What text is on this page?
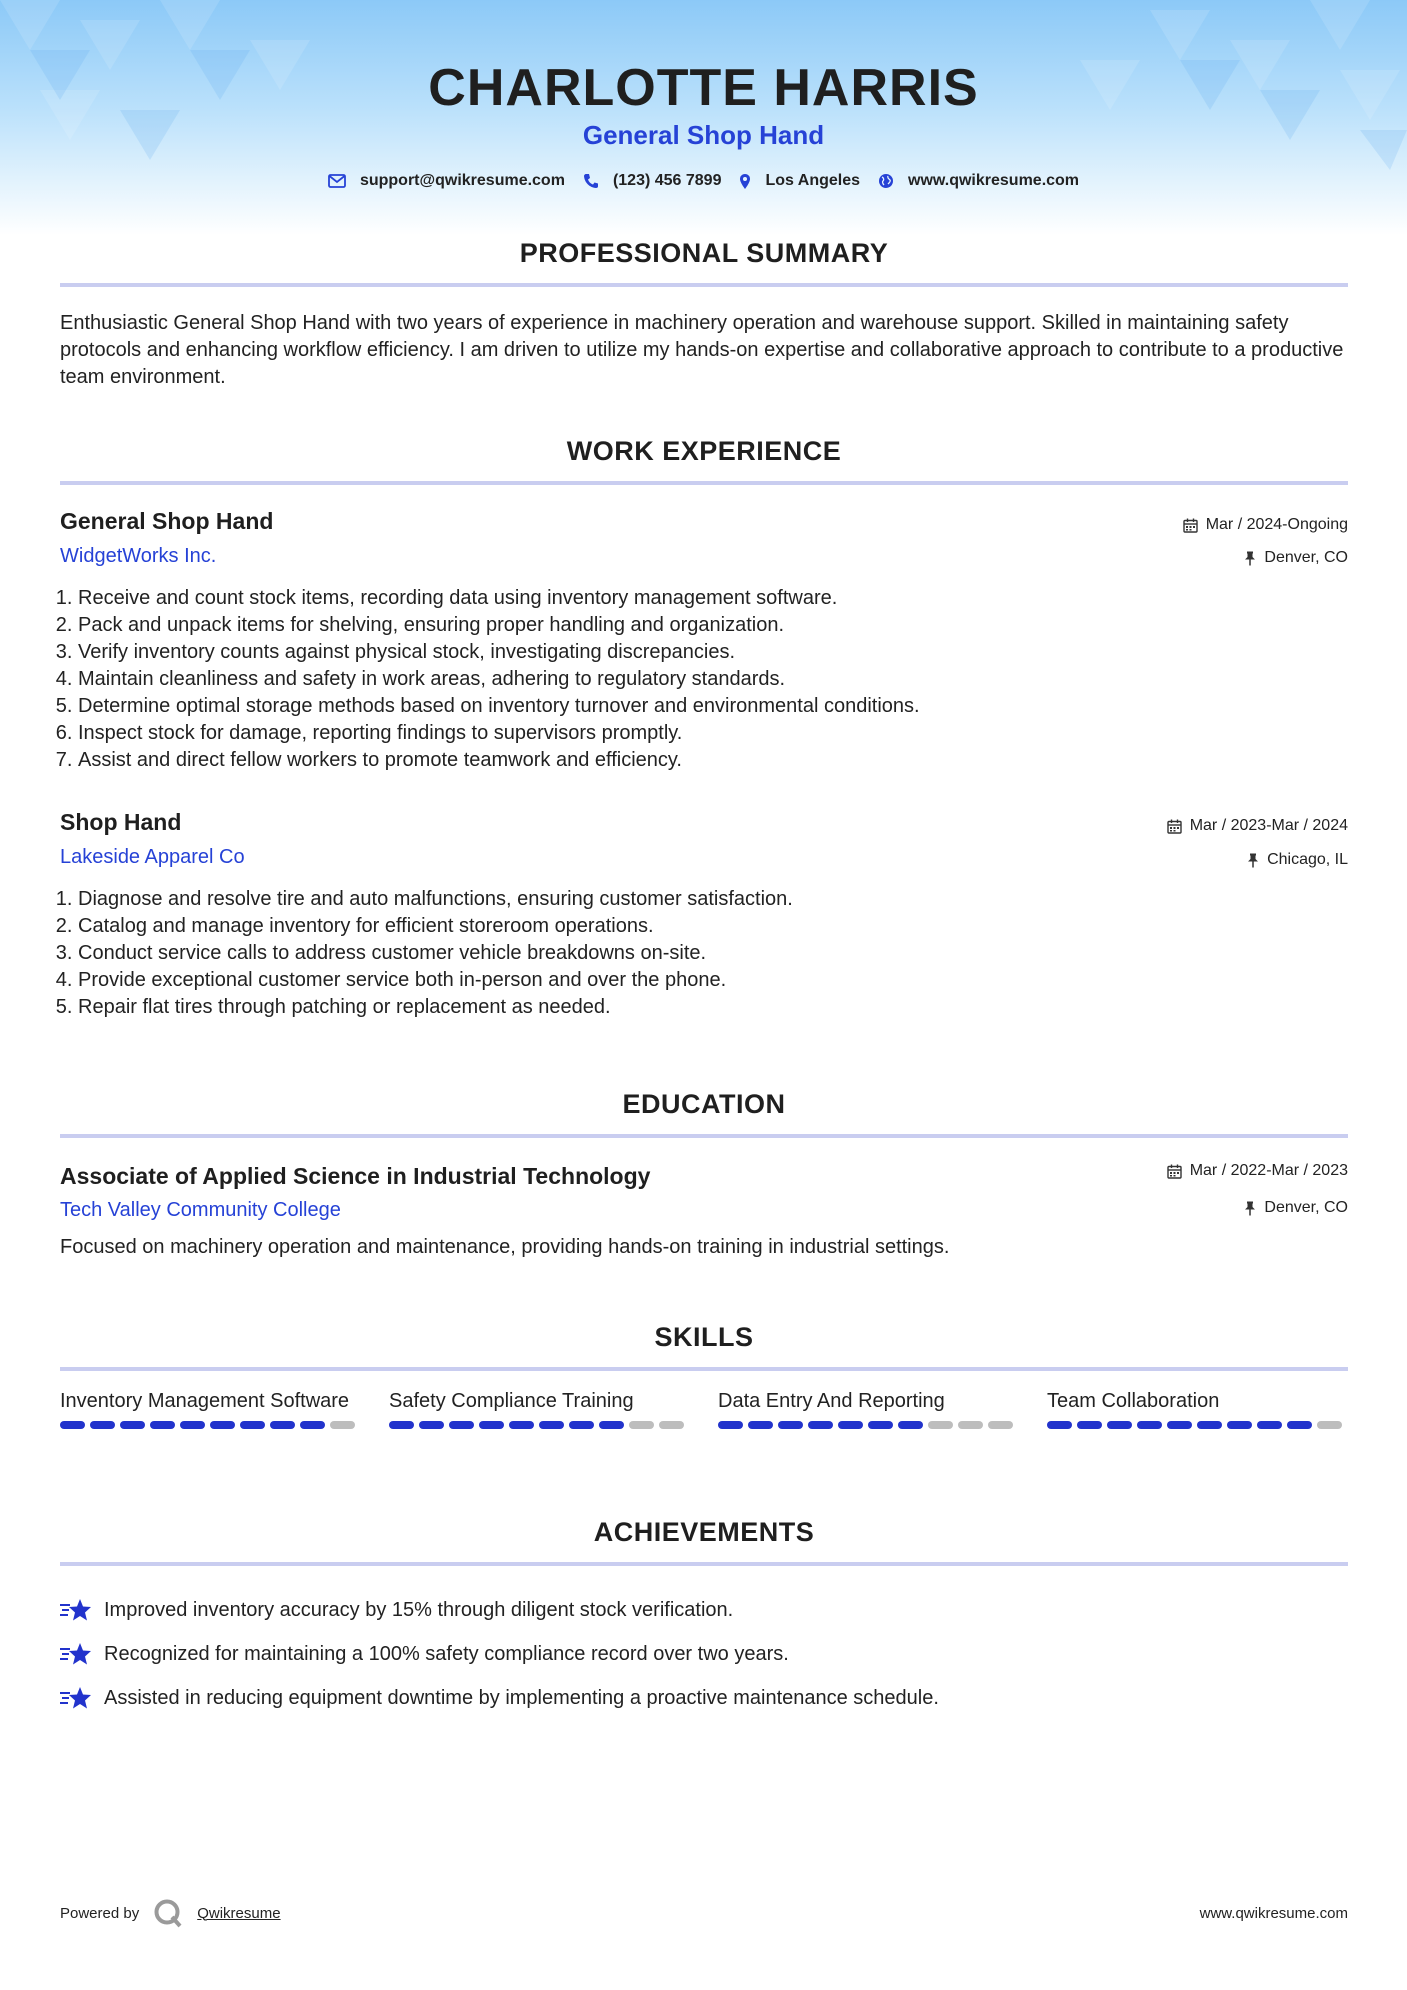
CHARLOTTE HARRIS
General Shop Hand
support@qwikresume.com	(123) 456 7899	Los Angeles	www.qwikresume.com
PROFESSIONAL SUMMARY
Enthusiastic General Shop Hand with two years of experience in machinery operation and warehouse support. Skilled in maintaining safety protocols and enhancing workflow efficiency. I am driven to utilize my hands-on expertise and collaborative approach to contribute to a productive team environment.
WORK EXPERIENCE
General Shop Hand	Mar / 2024-Ongoing
WidgetWorks Inc.	Denver, CO
1. Receive and count stock items, recording data using inventory management software.
2. Pack and unpack items for shelving, ensuring proper handling and organization.
3. Verify inventory counts against physical stock, investigating discrepancies.
4. Maintain cleanliness and safety in work areas, adhering to regulatory standards.
5. Determine optimal storage methods based on inventory turnover and environmental conditions.
6. Inspect stock for damage, reporting findings to supervisors promptly.
7. Assist and direct fellow workers to promote teamwork and efficiency.
Shop Hand	Mar / 2023-Mar / 2024
Lakeside Apparel Co	Chicago, IL
1. Diagnose and resolve tire and auto malfunctions, ensuring customer satisfaction.
2. Catalog and manage inventory for efficient storeroom operations.
3. Conduct service calls to address customer vehicle breakdowns on-site.
4. Provide exceptional customer service both in-person and over the phone.
5. Repair flat tires through patching or replacement as needed.
EDUCATION
Associate of Applied Science in Industrial Technology	Mar / 2022-Mar / 2023
Tech Valley Community College	Denver, CO
Focused on machinery operation and maintenance, providing hands-on training in industrial settings.
SKILLS
Inventory Management Software	Safety Compliance Training	Data Entry And Reporting	Team Collaboration
ACHIEVEMENTS
Improved inventory accuracy by 15% through diligent stock verification.
Recognized for maintaining a 100% safety compliance record over two years.
Assisted in reducing equipment downtime by implementing a proactive maintenance schedule.
Powered by	Qwikresume	www.qwikresume.com
